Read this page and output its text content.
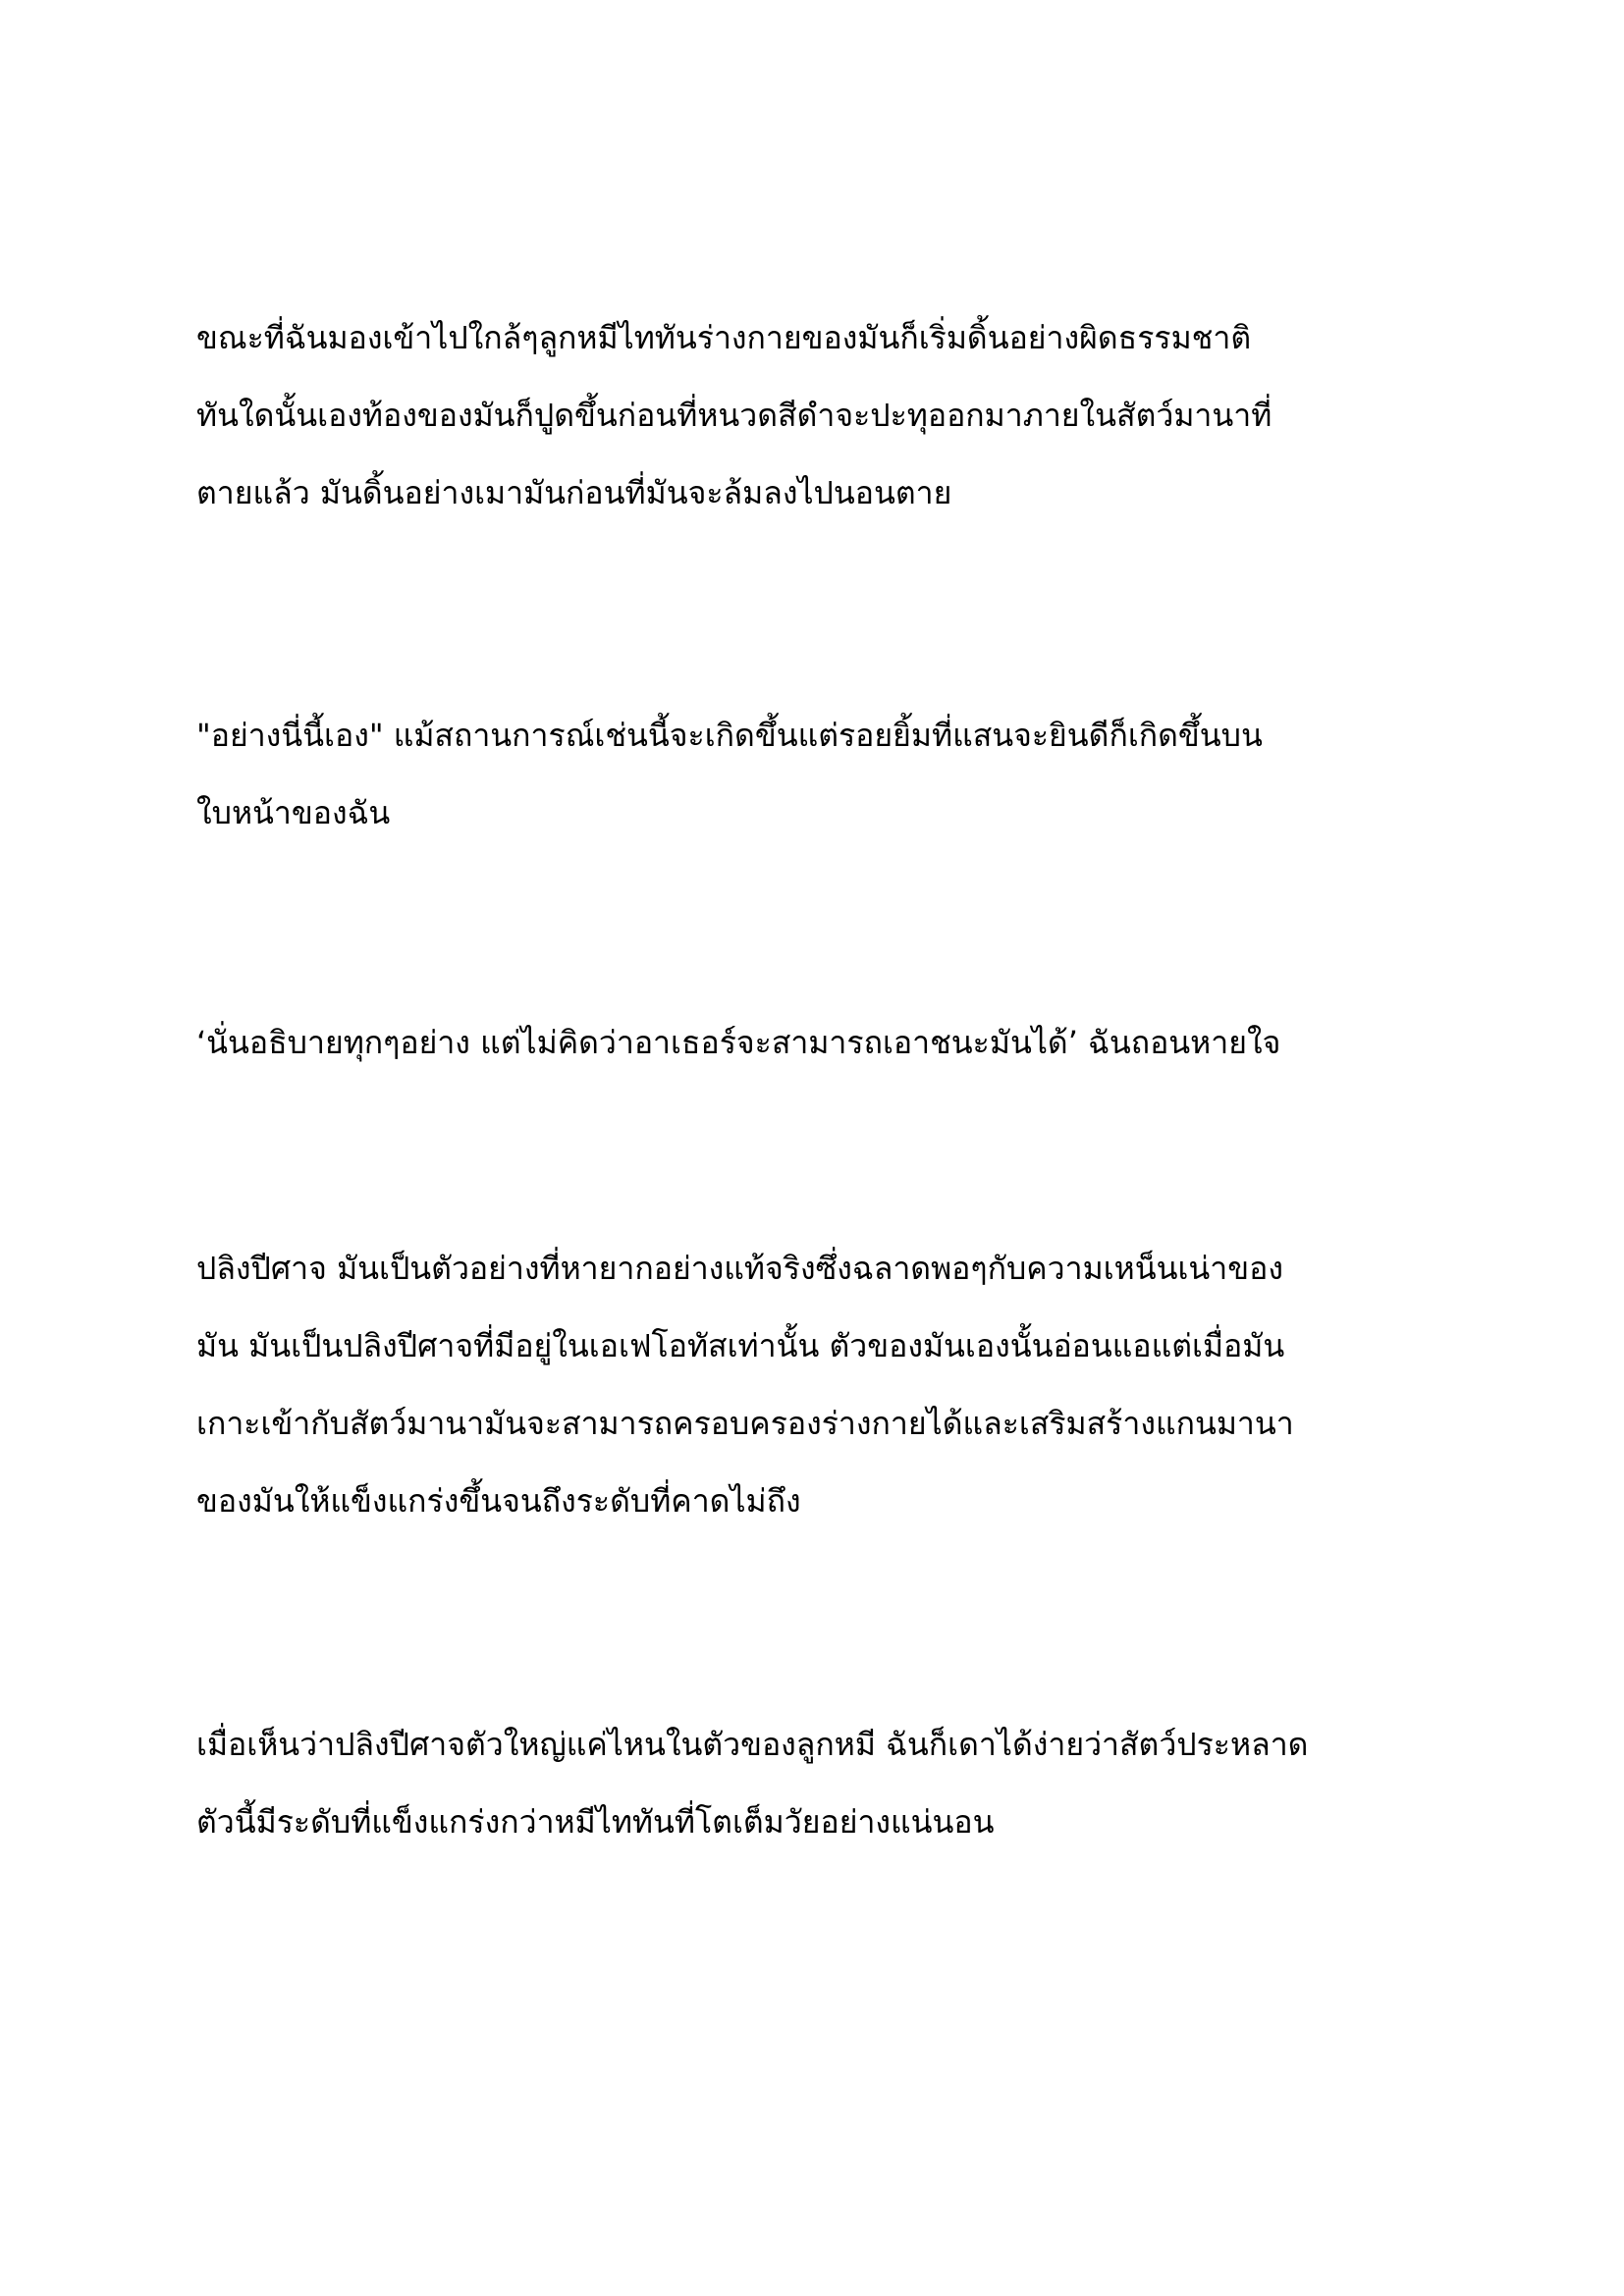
ขณะที่ฉันมองเข้าไปใกล้ๆลูกหมีไททันร่างกายของมันก็เริ่มดิ้นอย่างผิดธรรมชาติ
ทันใดนั้นเองท้องของมันก็ปูดขึ้นก่อนที่หนวดสีดำจะปะทุออกมาภายในสัตว์มานาที่
ตายแล้ว มันดิ้นอย่างเมามันก่อนที่มันจะล้มลงไปนอนตาย
"อย่างนี่นี้เอง" แม้สถานการณ์เช่นนี้จะเกิดขึ้นแต่รอยยิ้มที่แสนจะยินดีก็เกิดขึ้นบน
ใบหน้าของฉัน
‘นั่นอธิบายทุกๆอย่าง แต่ไม่คิดว่าอาเธอร์จะสามารถเอาชนะมันได้’ ฉันถอนหายใจ
ปลิงปีศาจ มันเป็นตัวอย่างที่หายากอย่างแท้จริงซึ่งฉลาดพอๆกับความเหน็นเน่าของ
มัน มันเป็นปลิงปีศาจที่มีอยู่ในเอเฟโอทัสเท่านั้น ตัวของมันเองนั้นอ่อนแอแต่เมื่อมัน
เกาะเข้ากับสัตว์มานามันจะสามารถครอบครองร่างกายได้และเสริมสร้างแกนมานา
ของมันให้แข็งแกร่งขึ้นจนถึงระดับที่คาดไม่ถึง
เมื่อเห็นว่าปลิงปีศาจตัวใหญ่แค่ไหนในตัวของลูกหมี ฉันก็เดาได้ง่ายว่าสัตว์ประหลาด
ตัวนี้มีระดับที่แข็งแกร่งกว่าหมีไททันที่โตเต็มวัยอย่างแน่นอน
